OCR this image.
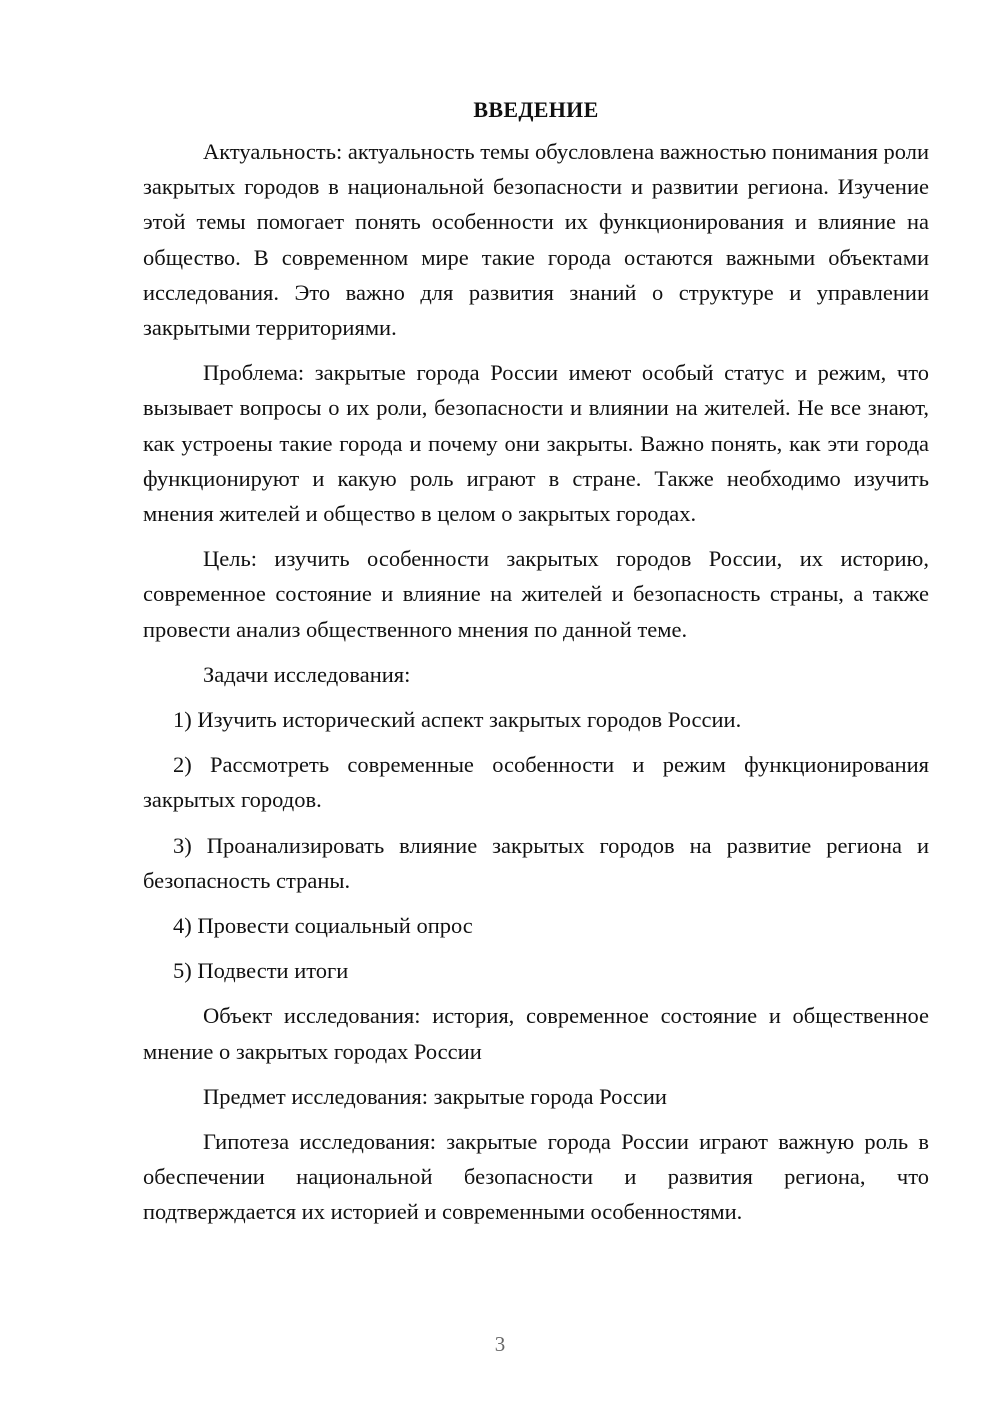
ВВЕДЕНИЕ

Актуальность: актуальность темы обусловлена важностью понимания роли закрытых городов в национальной безопасности и развитии региона. Изучение этой темы помогает понять особенности их функционирования и влияние на общество. В современном мире такие города остаются важными объектами исследования. Это важно для развития знаний о структуре и управлении закрытыми территориями.

Проблема: закрытые города России имеют особый статус и режим, что вызывает вопросы о их роли, безопасности и влиянии на жителей. Не все знают, как устроены такие города и почему они закрыты. Важно понять, как эти города функционируют и какую роль играют в стране. Также необходимо изучить мнения жителей и общество в целом о закрытых городах.

Цель: изучить особенности закрытых городов России, их историю, современное состояние и влияние на жителей и безопасность страны, а также провести анализ общественного мнения по данной теме.

Задачи исследования:

1) Изучить исторический аспект закрытых городов России.

2) Рассмотреть современные особенности и режим функционирования закрытых городов.

3) Проанализировать влияние закрытых городов на развитие региона и безопасность страны.

4) Провести социальный опрос

5) Подвести итоги

Объект исследования: история, современное состояние и общественное мнение о закрытых городах России

Предмет исследования: закрытые города России

Гипотеза исследования: закрытые города России играют важную роль в обеспечении национальной безопасности и развития региона, что подтверждается их историей и современными особенностями.

3
